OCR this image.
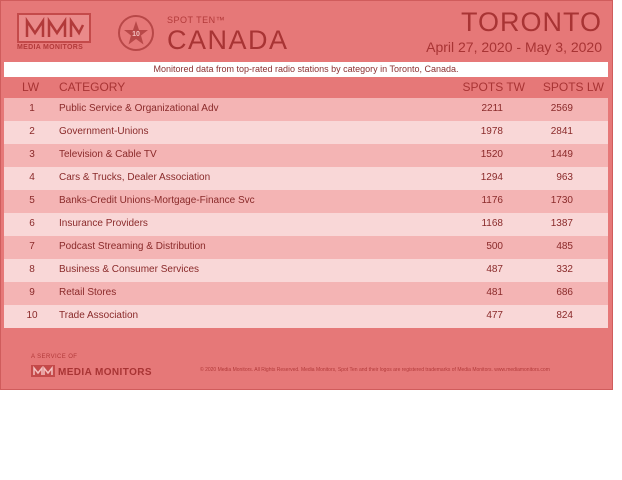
MEDIA MONITORS
10
SPOT TEN™
CANADA
TORONTO
April 27, 2020 - May 3, 2020
Monitored data from top-rated radio stations by category in Toronto, Canada.
LW CATEGORY	SPOTS TW SPOTS LW
1	Public Service & Organizational Adv	2211	2569
2	Government-Unions	1978	2841
3	Television & Cable TV	1520	1449
4	Cars & Trucks, Dealer Association	1294	963
5	Banks-Credit Unions-Mortgage-Finance Svc	1176	1730
6	Insurance Providers	1168	1387
7	Podcast Streaming & Distribution	500	485
8	Business & Consumer Services	487	332
9	Retail Stores	481	686
10	Trade Association	477	824
A SERVICE OF
MEDIA MONITORS	© 2020 Media Monitors. All Rights Reserved. Media Monitors, Spot Ten and their logos are registered trademarks of Media Monitors. www.mediamonitors.com
